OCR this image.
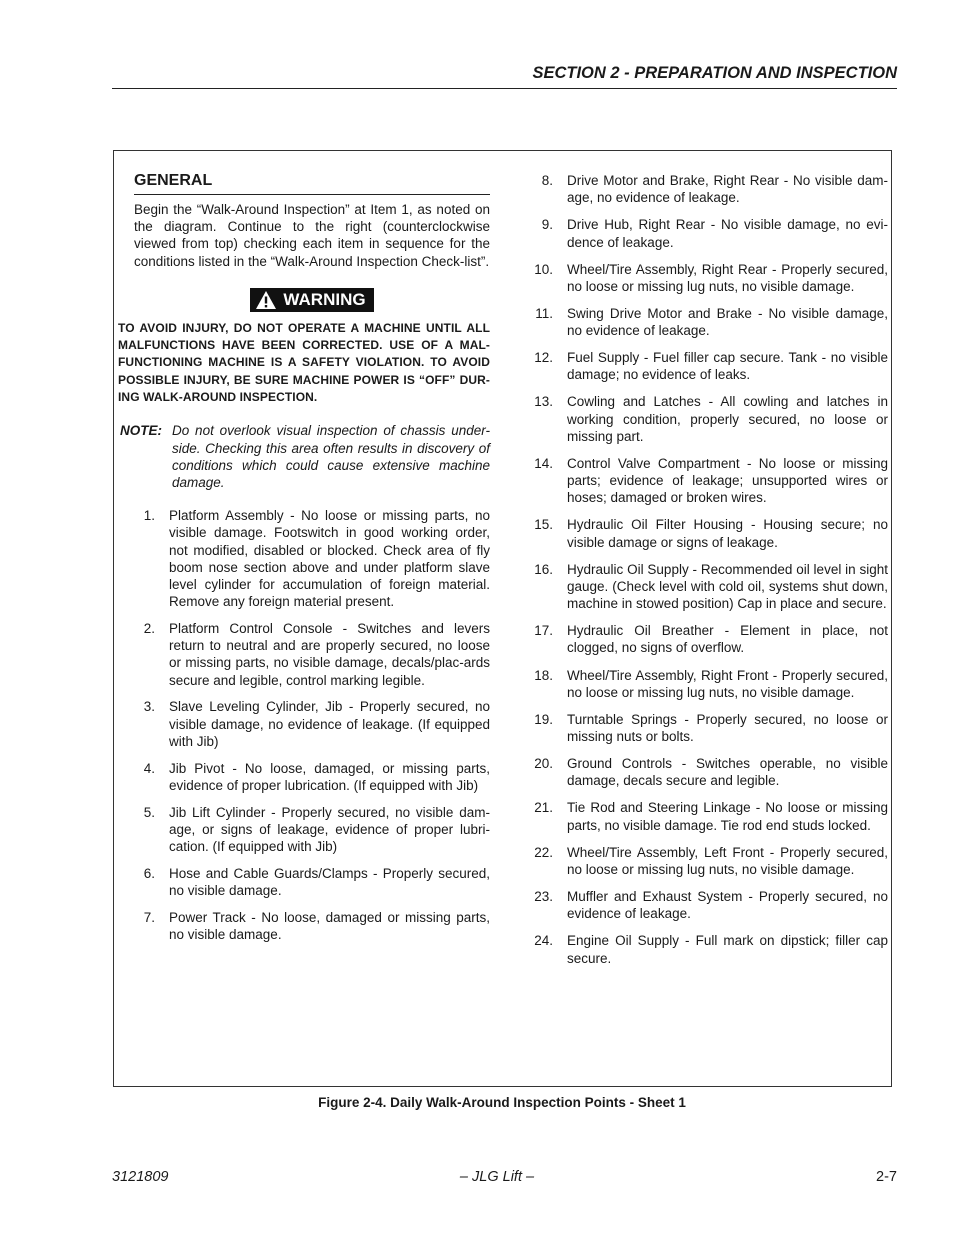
SECTION 2 - PREPARATION AND INSPECTION
GENERAL
Begin the “Walk-Around Inspection” at Item 1, as noted on the diagram. Continue to the right (counterclockwise viewed from top) checking each item in sequence for the conditions listed in the “Walk-Around Inspection Check-list”.
WARNING
TO AVOID INJURY, DO NOT OPERATE A MACHINE UNTIL ALL MALFUNCTIONS HAVE BEEN CORRECTED. USE OF A MAL-FUNCTIONING MACHINE IS A SAFETY VIOLATION. TO AVOID POSSIBLE INJURY, BE SURE MACHINE POWER IS “OFF” DUR-ING WALK-AROUND INSPECTION.
NOTE: Do not overlook visual inspection of chassis under-side. Checking this area often results in discovery of conditions which could cause extensive machine damage.
1.	Platform Assembly - No loose or missing parts, no visible damage. Footswitch in good working order, not modified, disabled or blocked. Check area of fly boom nose section above and under platform slave level cylinder for accumulation of foreign material. Remove any foreign material present.
2.	Platform Control Console - Switches and levers return to neutral and are properly secured, no loose or missing parts, no visible damage, decals/plac-ards secure and legible, control marking legible.
3.	Slave Leveling Cylinder, Jib - Properly secured, no visible damage, no evidence of leakage. (If equipped with Jib)
4.	Jib Pivot - No loose, damaged, or missing parts, evidence of proper lubrication. (If equipped with Jib)
5.	Jib Lift Cylinder - Properly secured, no visible dam-age, or signs of leakage, evidence of proper lubri-cation. (If equipped with Jib)
6.	Hose and Cable Guards/Clamps - Properly secured, no visible damage.
7.	Power Track - No loose, damaged or missing parts, no visible damage.
8.	Drive Motor and Brake, Right Rear - No visible dam-age, no evidence of leakage.
9.	Drive Hub, Right Rear - No visible damage, no evi-dence of leakage.
10.	Wheel/Tire Assembly, Right Rear - Properly secured, no loose or missing lug nuts, no visible damage.
11.	Swing Drive Motor and Brake - No visible damage, no evidence of leakage.
12.	Fuel Supply - Fuel filler cap secure. Tank - no visible damage; no evidence of leaks.
13.	Cowling and Latches - All cowling and latches in working condition, properly secured, no loose or missing part.
14.	Control Valve Compartment - No loose or missing parts; evidence of leakage; unsupported wires or hoses; damaged or broken wires.
15.	Hydraulic Oil Filter Housing - Housing secure; no visible damage or signs of leakage.
16.	Hydraulic Oil Supply - Recommended oil level in sight gauge. (Check level with cold oil, systems shut down, machine in stowed position) Cap in place and secure.
17.	Hydraulic Oil Breather - Element in place, not clogged, no signs of overflow.
18.	Wheel/Tire Assembly, Right Front - Properly secured, no loose or missing lug nuts, no visible damage.
19.	Turntable Springs - Properly secured, no loose or missing nuts or bolts.
20.	Ground Controls - Switches operable, no visible damage, decals secure and legible.
21.	Tie Rod and Steering Linkage - No loose or missing parts, no visible damage. Tie rod end studs locked.
22.	Wheel/Tire Assembly, Left Front - Properly secured, no loose or missing lug nuts, no visible damage.
23.	Muffler and Exhaust System - Properly secured, no evidence of leakage.
24.	Engine Oil Supply - Full mark on dipstick; filler cap secure.
Figure 2-4. Daily Walk-Around Inspection Points - Sheet 1
3121809	– JLG Lift –	2-7
